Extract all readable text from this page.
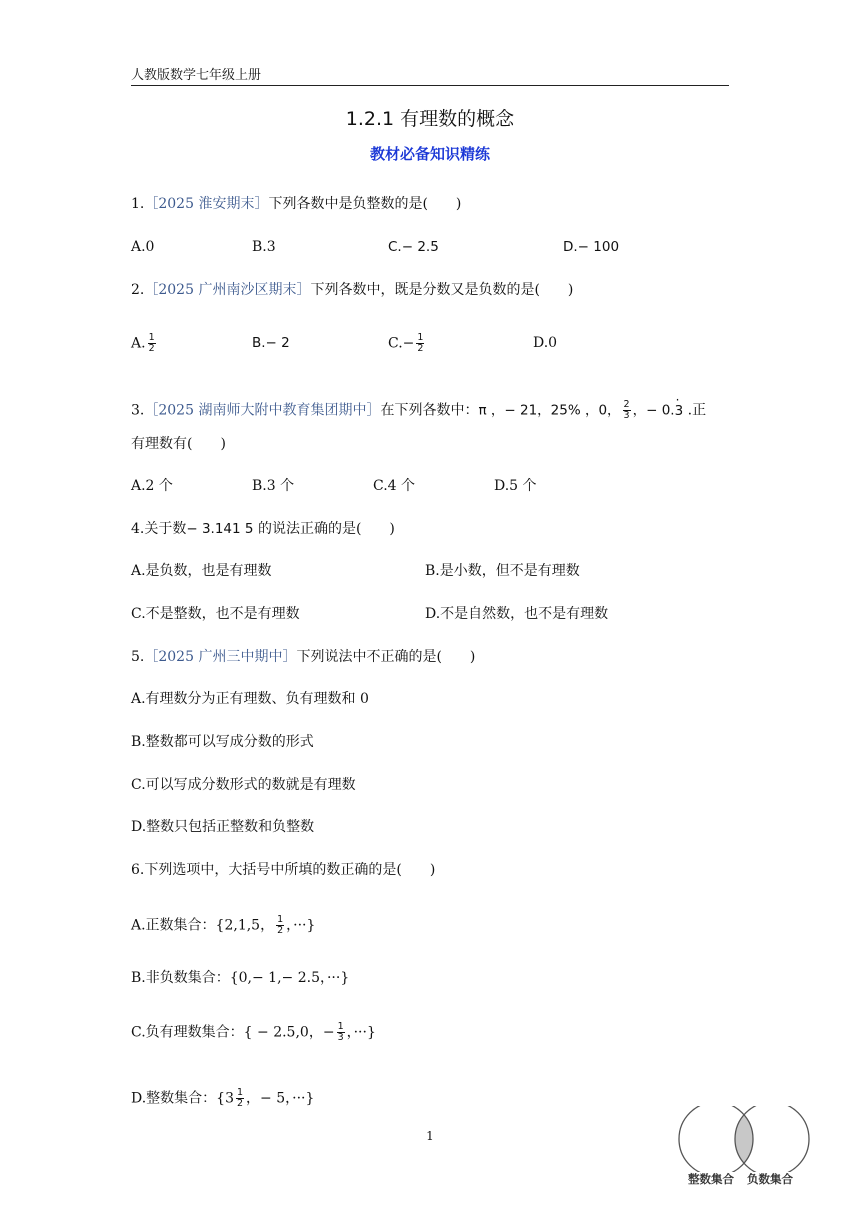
人教版数学七年级上册
1.2.1 有理数的概念
教材必备知识精练
1.［2025 淮安期末］下列各数中是负整数的是(　　)
A.0	B.3	C.− 2.5	D.− 100
2.［2025 广州南沙区期末］下列各数中，既是分数又是负数的是(　　)
A. $\frac{1}{2}$	B.− 2	$C.- \frac{1}{2}$	D.0
3.［2025 湖南师大附中教育集团期中］在下列各数中：π ，− 21，25% ，0， $\frac{2}{3}$ ，− 0.· 3 .正
有理数有(　　)
A.2 个	B.3 个	C.4 个	D.5 个
4.关于数− 3.141 5 的说法正确的是(　　)
A.是负数，也是有理数	B.是小数，但不是有理数
C.不是整数，也不是有理数	D.不是自然数，也不是有理数
5.［2025 广州三中期中］下列说法中不正确的是(　　)
A.有理数分为正有理数、负有理数和 0
B.整数都可以写成分数的形式
C.可以写成分数形式的数就是有理数
D.整数只包括正整数和负整数
6.下列选项中，大括号中所填的数正确的是(　　)
A.正数集合：{2,1,5， $\frac{1}{2}$ ，···}
B.非负数集合：{0,− 1,− 2.5，···}
C.负有理数集合：{ − 2.5,0，− $\frac{1}{3}$ ，···}
D.整数集合：{$3 \frac{1}{2}$ ，− 5，···}
1
整数集合 负数集合
